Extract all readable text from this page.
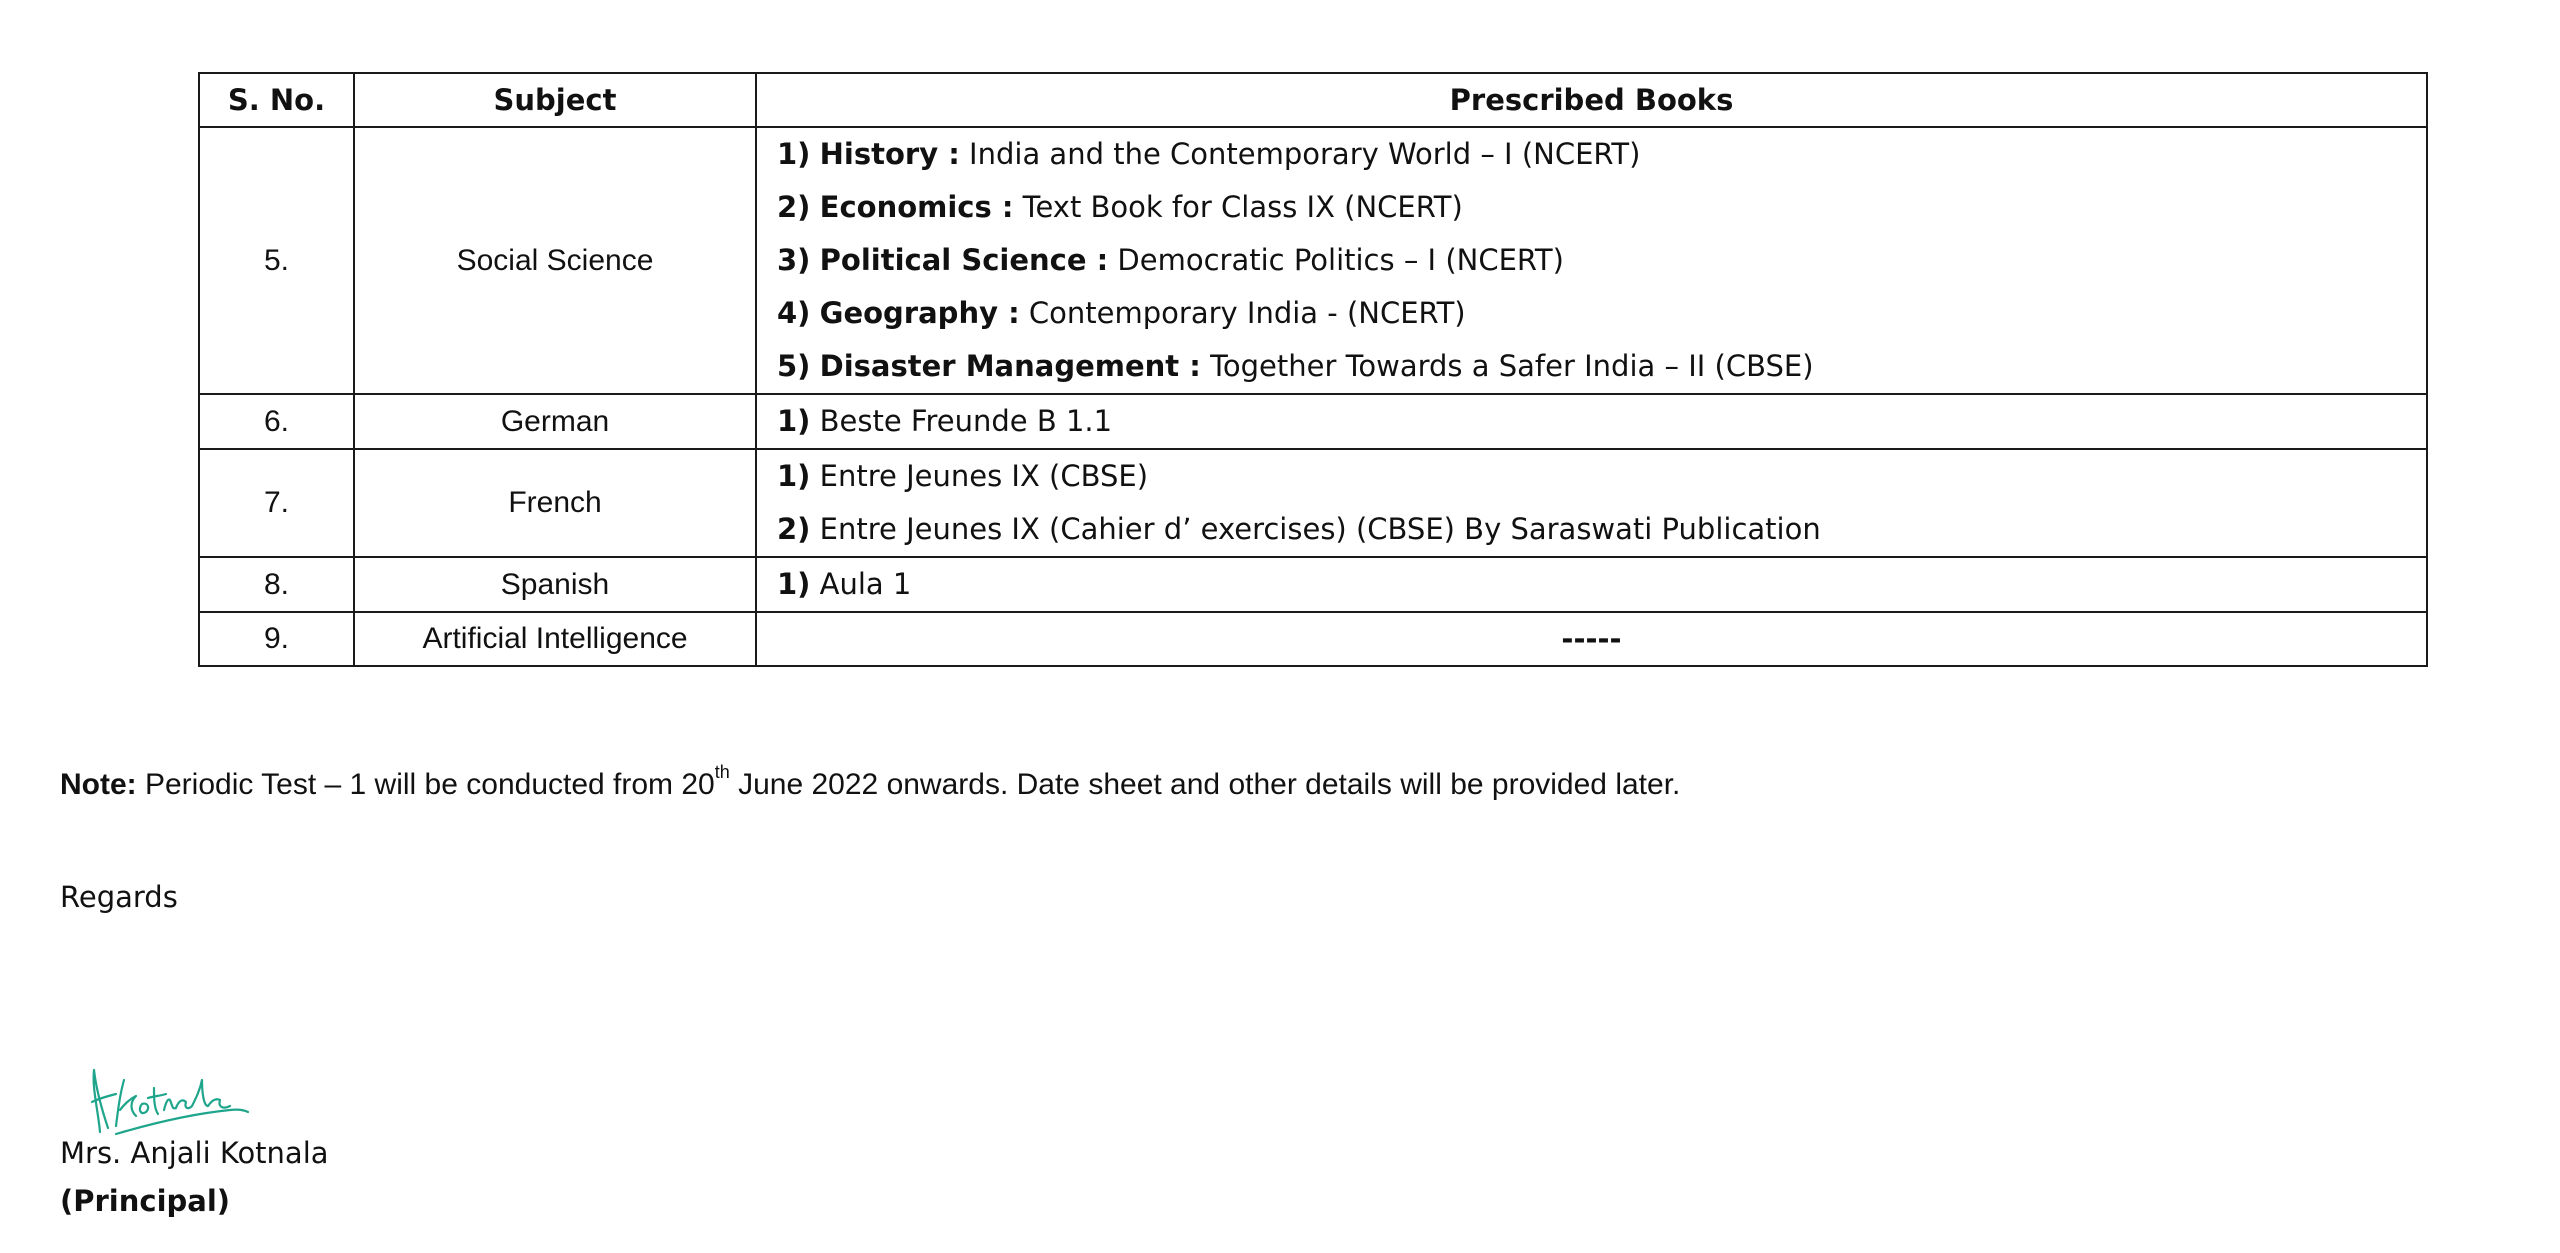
S. No.	Subject	Prescribed Books
5.	Social Science	1) History : India and the Contemporary World – I (NCERT)
2) Economics : Text Book for Class IX (NCERT)
3) Political Science : Democratic Politics – I (NCERT)
4) Geography : Contemporary India - (NCERT)
5) Disaster Management : Together Towards a Safer India – II (CBSE)

6.	German	1) Beste Freunde B 1.1

7.	French	1) Entre Jeunes IX (CBSE)
2) Entre Jeunes IX (Cahier d’ exercises) (CBSE) By Saraswati Publication

8.	Spanish	1) Aula 1

9.	Artificial Intelligence	-----
Note: Periodic Test – 1 will be conducted from 20th June 2022 onwards. Date sheet and other details will be provided later.
Regards
Mrs. Anjali Kotnala
(Principal)
